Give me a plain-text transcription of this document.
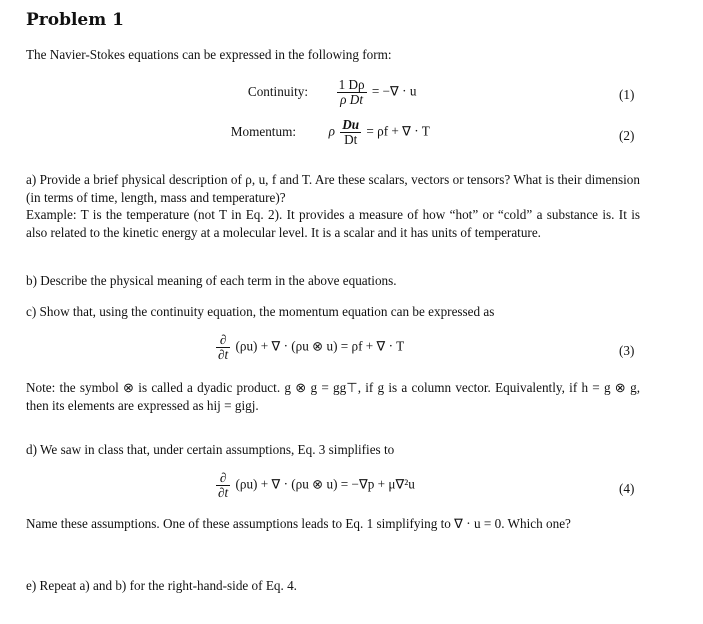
Problem 1
The Navier-Stokes equations can be expressed in the following form:
Continuity: $\frac{1 D\rho}{\text{ρ Dt}}$ = −∇ · u	(1)
Momentum: ρ $\frac{Du}{Dt} = \rho f$ + ∇ · T	(2)
a) Provide a brief physical description of ρ, u, f and T. Are these scalars, vectors or tensors? What is their dimension (in terms of time, length, mass and temperature)?
Example: T is the temperature (not T in Eq. 2). It provides a measure of how “hot” or “cold” a substance is. It is also related to the kinetic energy at a molecular level. It is a scalar and it has units of temperature.
b) Describe the physical meaning of each term in the above equations.
c) Show that, using the continuity equation, the momentum equation can be expressed as
$\frac{\partial}{\partial t} (\rho u)$ + ∇ · (ρu ⊗ u) = ρf + ∇ · T	(3)
Note: the symbol ⊗ is called a dyadic product. g ⊗ g = gg⊤, if g is a column vector. Equivalently, if h = g ⊗ g, then its elements are expressed as hij = gigj.
d) We saw in class that, under certain assumptions, Eq. 3 simplifies to
$\frac{\partial}{\partial t} (\rho u)$ + ∇ · (ρu ⊗ u) = −∇p + μ∇²u	(4)
Name these assumptions. One of these assumptions leads to Eq. 1 simplifying to ∇ · u = 0. Which one?
e) Repeat a) and b) for the right-hand-side of Eq. 4.
